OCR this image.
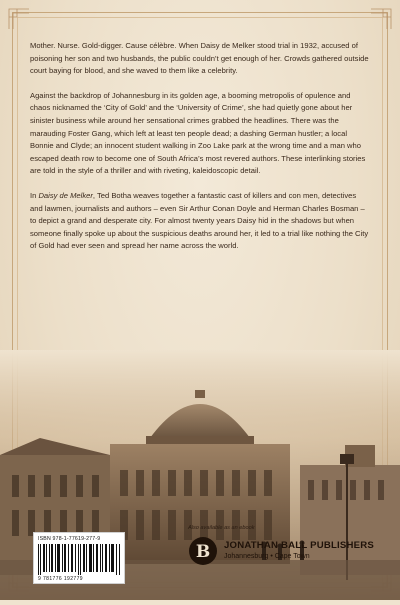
Mother. Nurse. Gold-digger. Cause célèbre. When Daisy de Melker stood trial in 1932, accused of poisoning her son and two husbands, the public couldn’t get enough of her. Crowds gathered outside court baying for blood, and she waved to them like a celebrity.

Against the backdrop of Johannesburg in its golden age, a booming metropolis of opulence and chaos nicknamed the ‘City of Gold’ and the ‘University of Crime’, she had quietly gone about her sinister business while around her sensational crimes grabbed the headlines. There was the marauding Foster Gang, which left at least ten people dead; a dashing German hustler; a local Bonnie and Clyde; an innocent student walking in Zoo Lake park at the wrong time and a man who escaped death row to become one of South Africa’s most revered authors. These interlinking stories are told in the style of a thriller and with riveting, kaleidoscopic detail.

In Daisy de Melker, Ted Botha weaves together a fantastic cast of killers and con men, detectives and lawmen, journalists and authors – even Sir Arthur Conan Doyle and Herman Charles Bosman – to depict a grand and desperate city. For almost twenty years Daisy hid in the shadows but when someone finally spoke up about the suspicious deaths around her, it led to a trial like nothing the City of Gold had ever seen and spread her name across the world.

ISBN 978-1-77619-277-9
9 781776 192779
Also available as an ebook
B JONATHAN BALL PUBLISHERS
Johannesburg • Cape Town
